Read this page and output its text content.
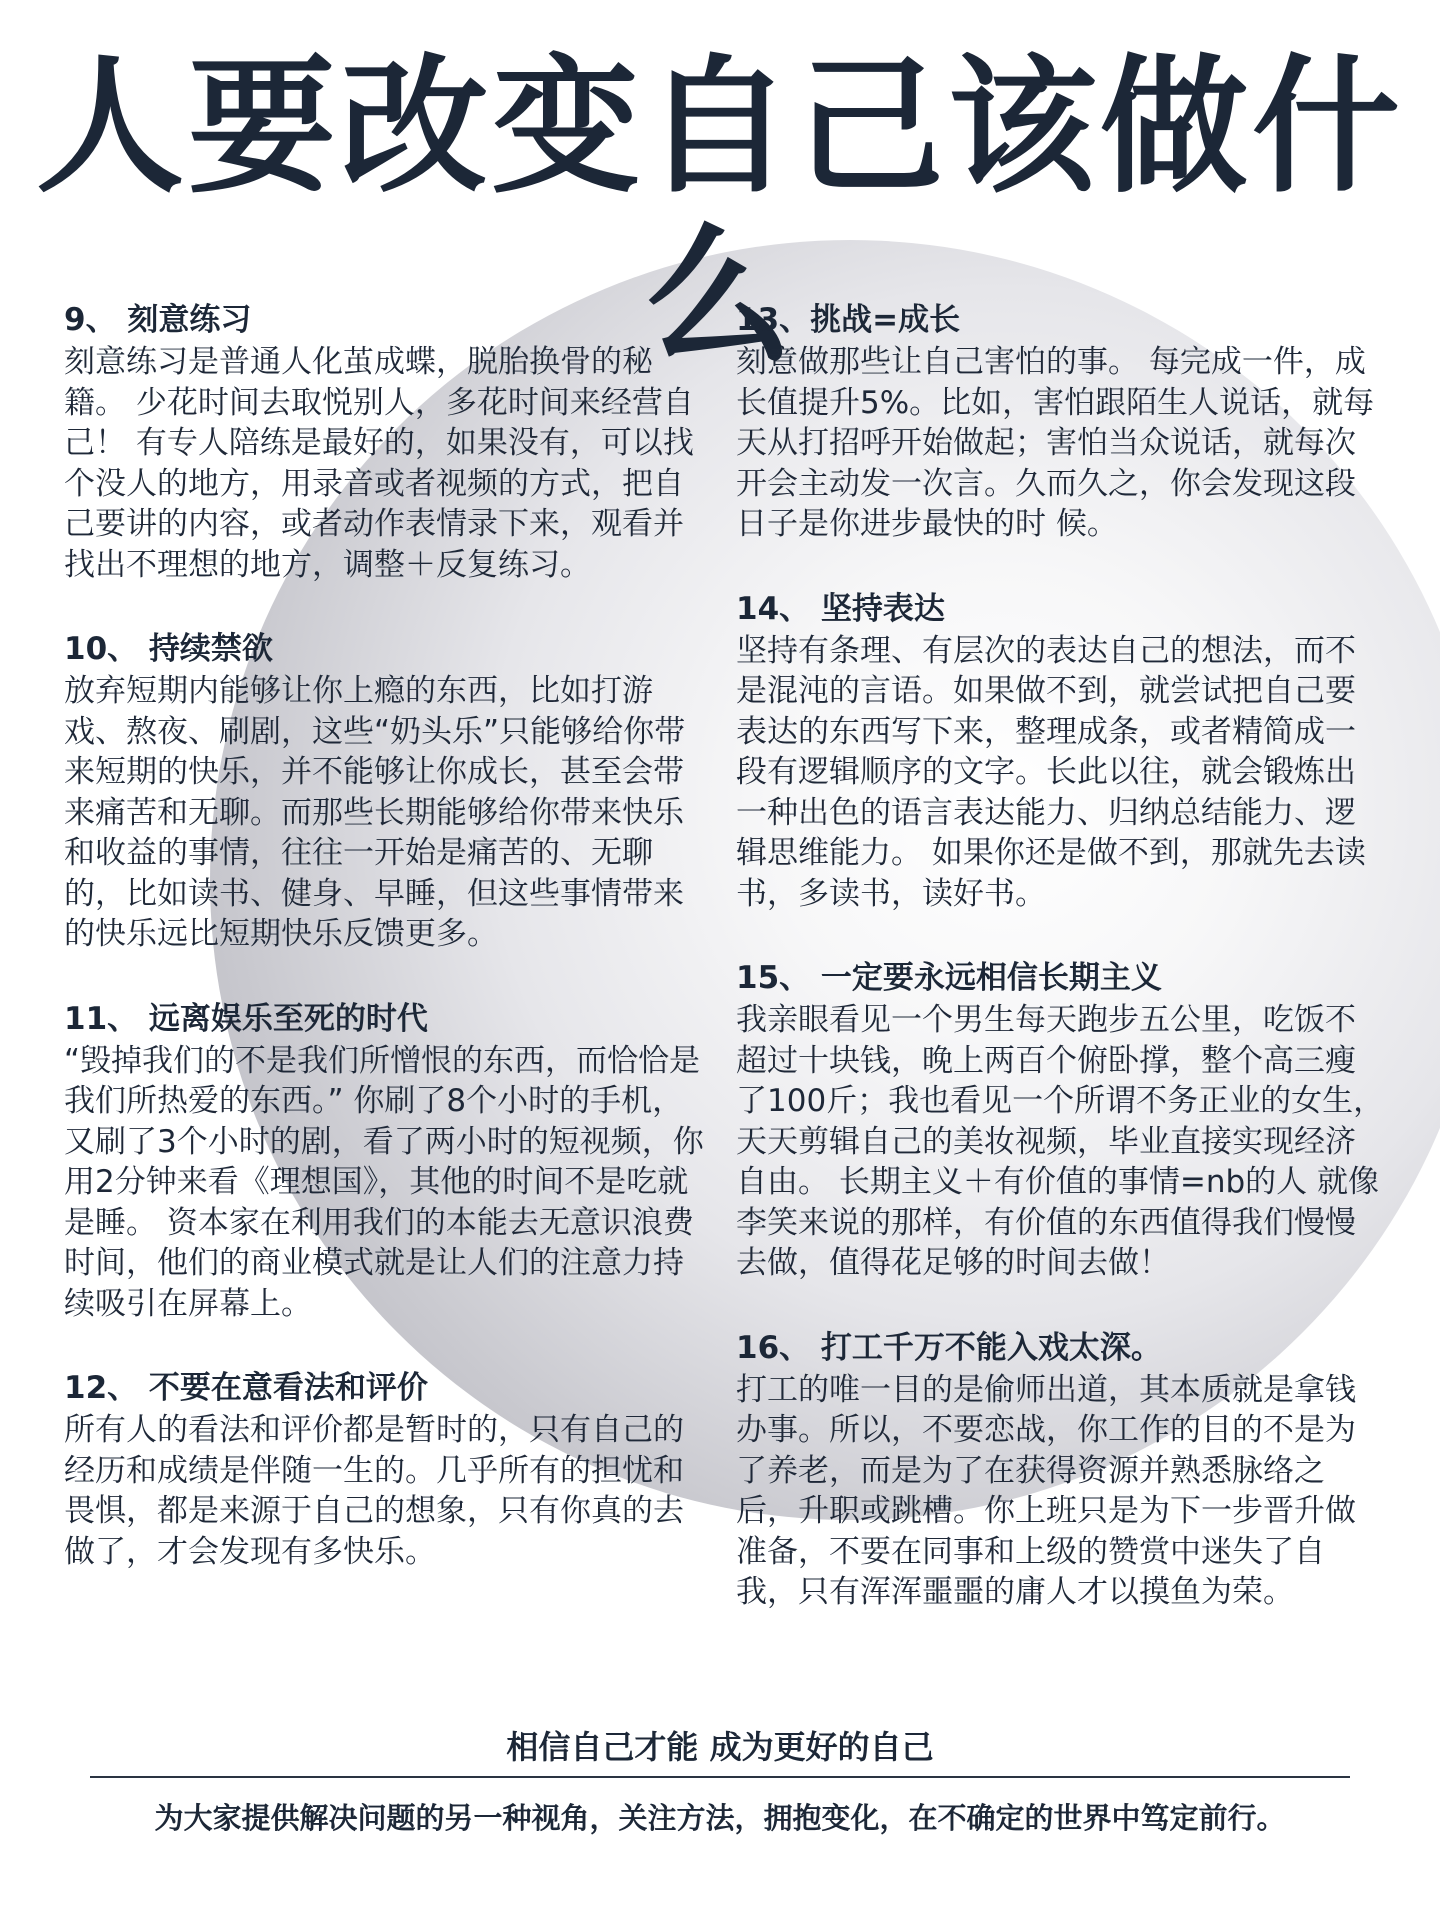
人要改变自己该做什么
9、 刻意练习

刻意练习是普通人化茧成蝶，脱胎换骨的秘籍。 少花时间去取悦别人，多花时间来经营自己！ 有专人陪练是最好的，如果没有，可以找个没人的地方，用录音或者视频的方式，把自己要讲的内容，或者动作表情录下来，观看并找出不理想的地方，调整＋反复练习。

10、 持续禁欲

放弃短期内能够让你上瘾的东西，比如打游戏、熬夜、刷剧，这些“奶头乐”只能够给你带来短期的快乐，并不能够让你成长，甚至会带来痛苦和无聊。而那些长期能够给你带来快乐和收益的事情，往往一开始是痛苦的、无聊的，比如读书、健身、早睡，但这些事情带来的快乐远比短期快乐反馈更多。

11、 远离娱乐至死的时代

“毁掉我们的不是我们所憎恨的东西，而恰恰是我们所热爱的东西。” 你刷了8个小时的手机，又刷了3个小时的剧，看了两小时的短视频，你用2分钟来看《理想国》，其他的时间不是吃就是睡。 资本家在利用我们的本能去无意识浪费时间，他们的商业模式就是让人们的注意力持续吸引在屏幕上。

12、 不要在意看法和评价

所有人的看法和评价都是暂时的，只有自己的经历和成绩是伴随一生的。几乎所有的担忧和畏惧，都是来源于自己的想象，只有你真的去做了，才会发现有多快乐。

13、挑战=成长

刻意做那些让自己害怕的事。 每完成一件，成长值提升5%。比如，害怕跟陌生人说话，就每天从打招呼开始做起；害怕当众说话，就每次开会主动发一次言。久而久之，你会发现这段日子是你进步最快的时 候。

14、 坚持表达

坚持有条理、有层次的表达自己的想法，而不是混沌的言语。如果做不到，就尝试把自己要表达的东西写下来，整理成条，或者精简成一段有逻辑顺序的文字。长此以往，就会锻炼出一种出色的语言表达能力、归纳总结能力、逻辑思维能力。 如果你还是做不到，那就先去读书，多读书，读好书。

15、 一定要永远相信长期主义

我亲眼看见一个男生每天跑步五公里，吃饭不超过十块钱，晚上两百个俯卧撑，整个高三瘦了100斤；我也看见一个所谓不务正业的女生，天天剪辑自己的美妆视频，毕业直接实现经济自由。 长期主义＋有价值的事情=nb的人 就像李笑来说的那样，有价值的东西值得我们慢慢去做，值得花足够的时间去做！

16、 打工千万不能入戏太深。

打工的唯一目的是偷师出道，其本质就是拿钱办事。所以，不要恋战，你工作的目的不是为了养老，而是为了在获得资源并熟悉脉络之后，升职或跳槽。你上班只是为下一步晋升做准备，不要在同事和上级的赞赏中迷失了自我，只有浑浑噩噩的庸人才以摸鱼为荣。

相信自己才能 成为更好的自己
为大家提供解决问题的另一种视角，关注方法，拥抱变化，在不确定的世界中笃定前行。
